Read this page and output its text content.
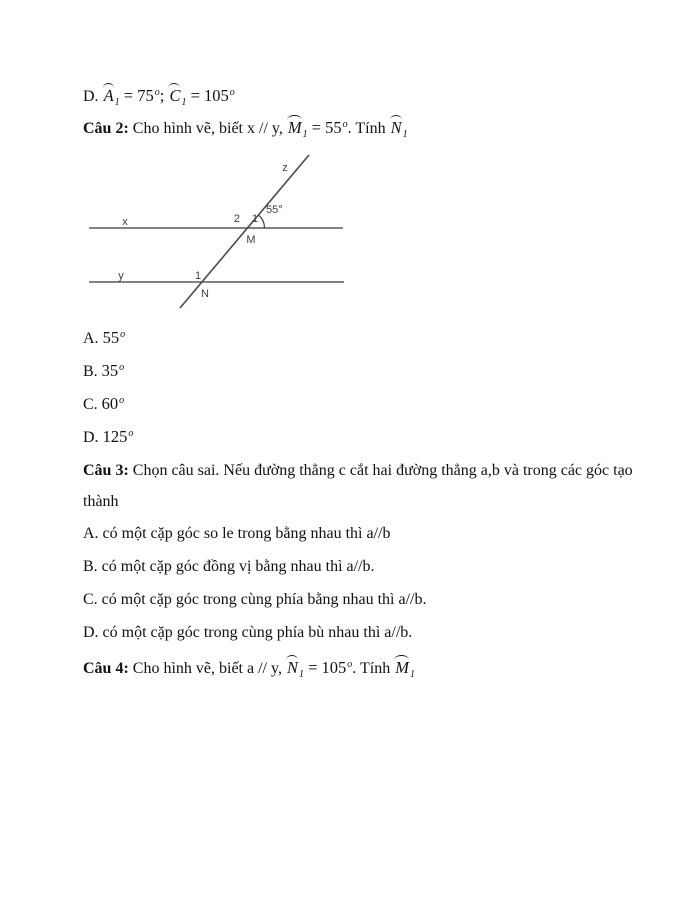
D. A
$_1 = 75^o$; C
$_1 = 105^o$

Câu 2: Cho hình vẽ, biết x // y, M
$_1 = 55^o$. Tính N
$_1$

x
y
z
55°
2 1
M
1
N

A. 55$^o$

B. 35$^o$

C. 60$^o$

D. 125$^o$

Câu 3: Chọn câu sai. Nếu đường thẳng c cắt hai đường thẳng a,b và trong các góc tạo

thành

A. có một cặp góc so le trong bằng nhau thì a//b

B. có một cặp góc đồng vị bằng nhau thì a//b.

C. có một cặp góc trong cùng phía bằng nhau thì a//b.

D. có một cặp góc trong cùng phía bù nhau thì a//b.

Câu 4: Cho hình vẽ, biết a // y, N
$_1 = 105^o$. Tính M
$_1$
